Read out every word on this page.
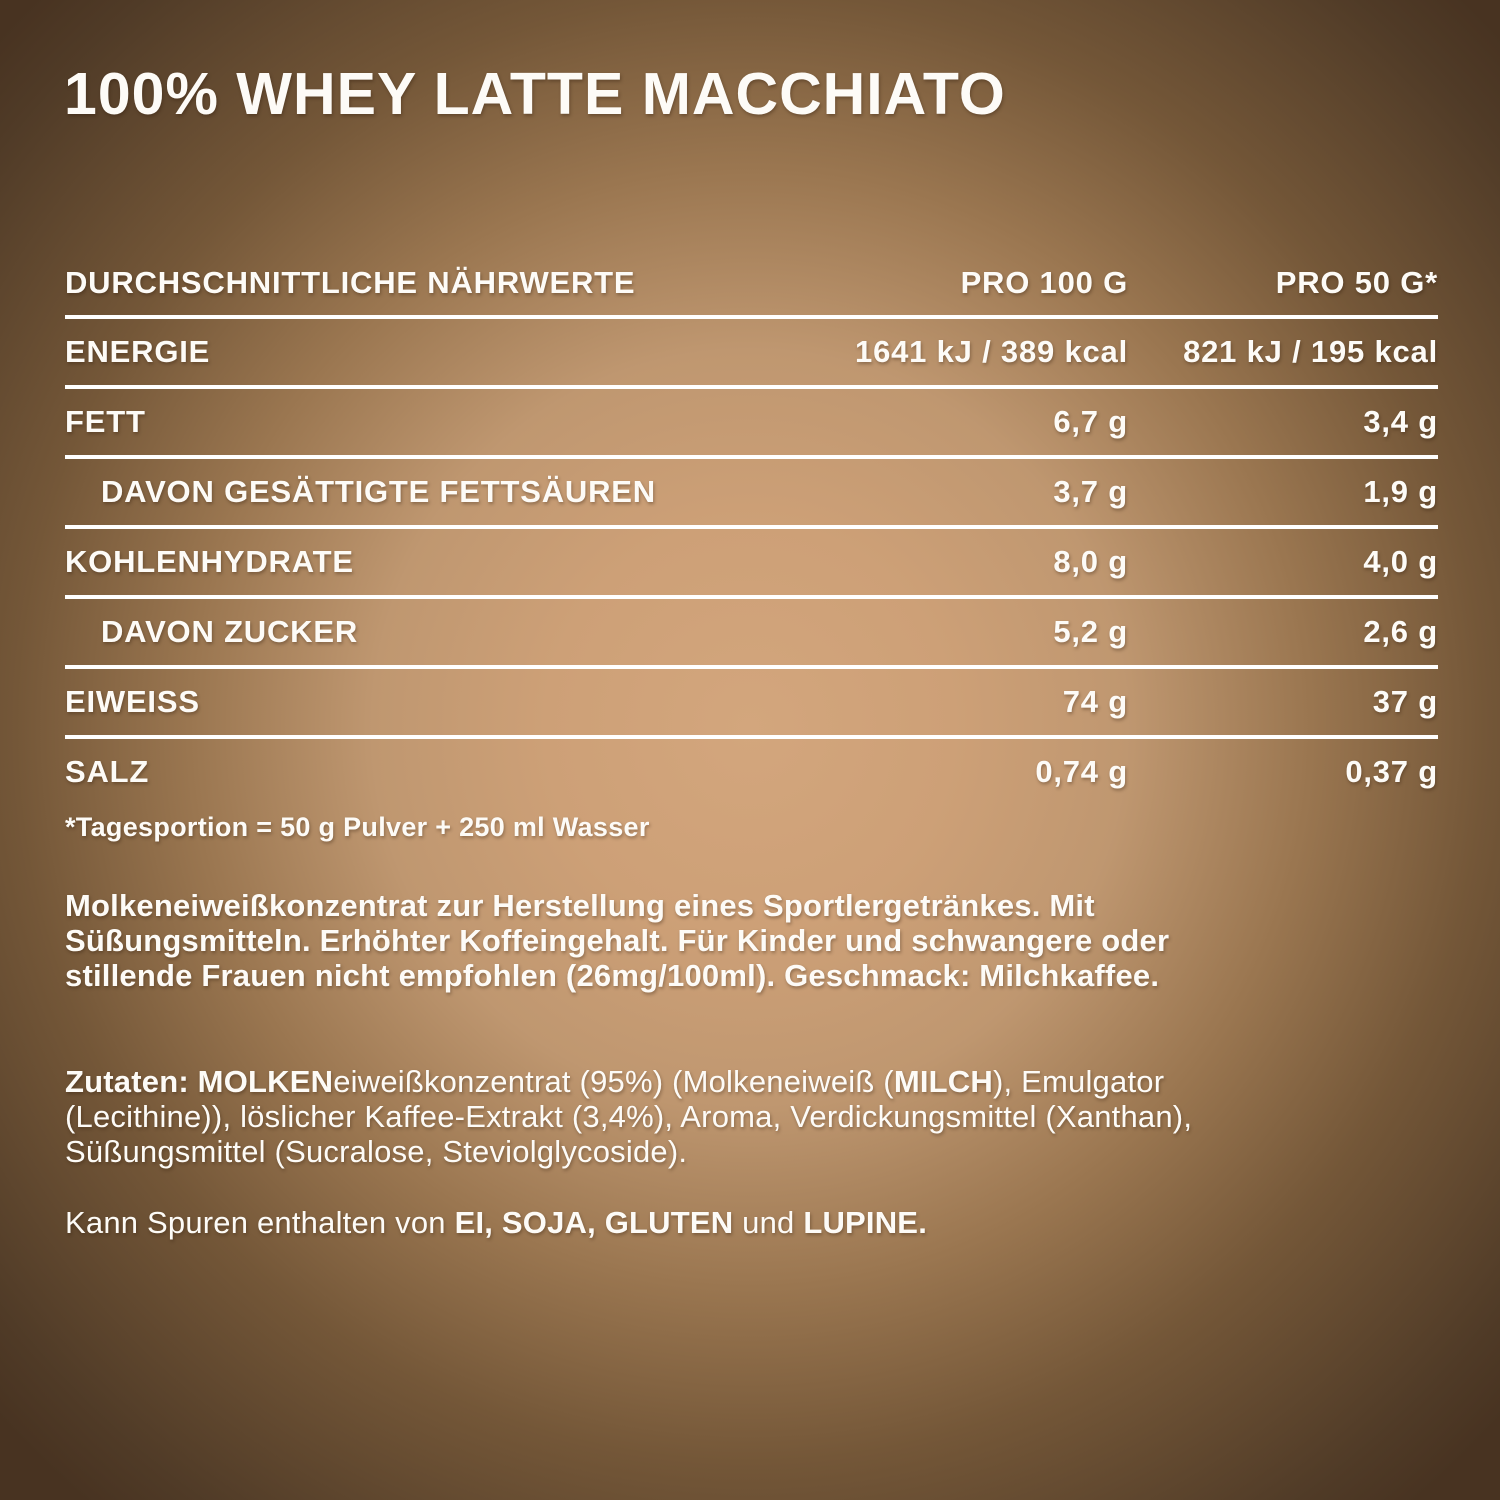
100% WHEY LATTE MACCHIATO
DURCHSCHNITTLICHE NÄHRWERTE	PRO 100 G	PRO 50 G*
ENERGIE	1641 kJ / 389 kcal	821 kJ / 195 kcal
FETT	6,7 g	3,4 g
DAVON GESÄTTIGTE FETTSÄUREN	3,7 g	1,9 g
KOHLENHYDRATE	8,0 g	4,0 g
DAVON ZUCKER	5,2 g	2,6 g
EIWEISS	74 g	37 g
SALZ	0,74 g	0,37 g

*Tagesportion = 50 g Pulver + 250 ml Wasser

Molkeneiweißkonzentrat zur Herstellung eines Sportlergetränkes. Mit
Süßungsmitteln. Erhöhter Koffeingehalt. Für Kinder und schwangere oder
stillende Frauen nicht empfohlen (26mg/100ml). Geschmack: Milchkaffee.
Zutaten: MOLKENeiweißkonzentrat (95%) (Molkeneiweiß (MILCH), Emulgator
(Lecithine)), löslicher Kaffee-Extrakt (3,4%), Aroma, Verdickungsmittel (Xanthan),
Süßungsmittel (Sucralose, Steviolglycoside).
Kann Spuren enthalten von EI, SOJA, GLUTEN und LUPINE.
